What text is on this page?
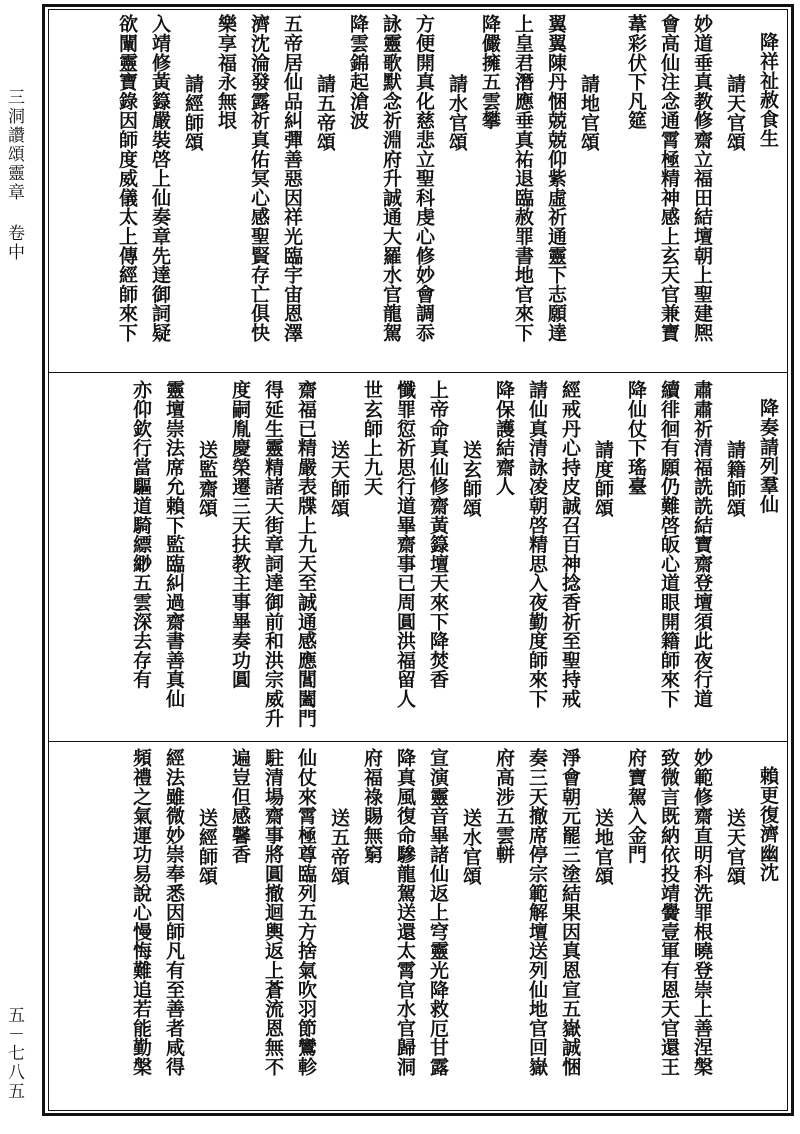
三洞讚頌靈章 卷中
五－七八五
降祥祉赦食生
請天官頌
妙道垂真教修齋立福田結壇朝上聖建熈
會高仙注念通霄極精神感上玄天官兼寶
葦彩伏下凡筵
請地官頌
翼翼陳丹悃兢兢仰紫虛祈通靈下志願達
上皇君潛應垂真祐退臨赦罪書地官來下
降儼擁五雲攀
請水官頌
方便開真化慈悲立聖科虔心修妙會調忝
詠靈歌默念祈淵府升誠通大羅水官龍駕
降雲錦起滄波
請五帝頌
五帝居仙品糾彈善惡因祥光臨宇宙恩澤
濟沈淪發露祈真佑冥心感聖賢存亡俱快
樂享福永無垠
請經師頌
入靖修黃籙嚴裝啓上仙奏章先達御詞疑
欲闡靈寶錄因師度威儀太上傳經師來下
降奏請列羣仙
請籍師頌
肅肅祈清福詵詵結寶齋登壇須此夜行道
續徘徊有願仍難啓皈心道眼開籍師來下
降仙仗下瑤臺
請度師頌
經戒丹心持皮誠召百神捻香祈至聖持戒
請仙真清詠凌朝啓精思入夜勤度師來下
降保護結齋人
送玄師頌
上帝命真仙修齋黃籙壇天來下降焚香
懺罪愆祈思行道畢齋事已周圓洪福留人
世玄師上九天
送天師頌
齋福已精嚴表牒上九天至誠通感應閶闔門
得延生靈精諸天街章詞達御前和洪宗威升
度嗣胤慶榮遷三天扶教主事畢奏功圓
送監齋頌
靈壇崇法席允賴下監臨糾過齋書善真仙
亦仰欽行當驅道騎縹緲五雲深去存有
賴更復濟幽沈
送天官頌
妙範修齋直明科洗罪根曉登崇上善涅槃
致微言既納依投靖黌壹軍有恩天官還王
府寶駕入金門
送地官頌
淨會朝元罷三塗結果因真恩宣五嶽誠悃
奏三天撤席停宗範解壇送列仙地官回嶽
府高涉五雲軿
送水官頌
宣演靈音畢諸仙返上穹靈光降救厄甘露
降真風復命驂龍駕送還太霄官水官歸洞
府福祿賜無窮
送五帝頌
仙仗來霄極尊臨列五方捨氣吹羽節鸞軫
駐清場齋事將圓撤迴輿返上蒼流恩無不
遍豈但感馨香
送經師頌
經法雖微妙崇奉悉因師凡有至善者咸得
頻禮之氣運功易說心慢悔難追若能勤槃
